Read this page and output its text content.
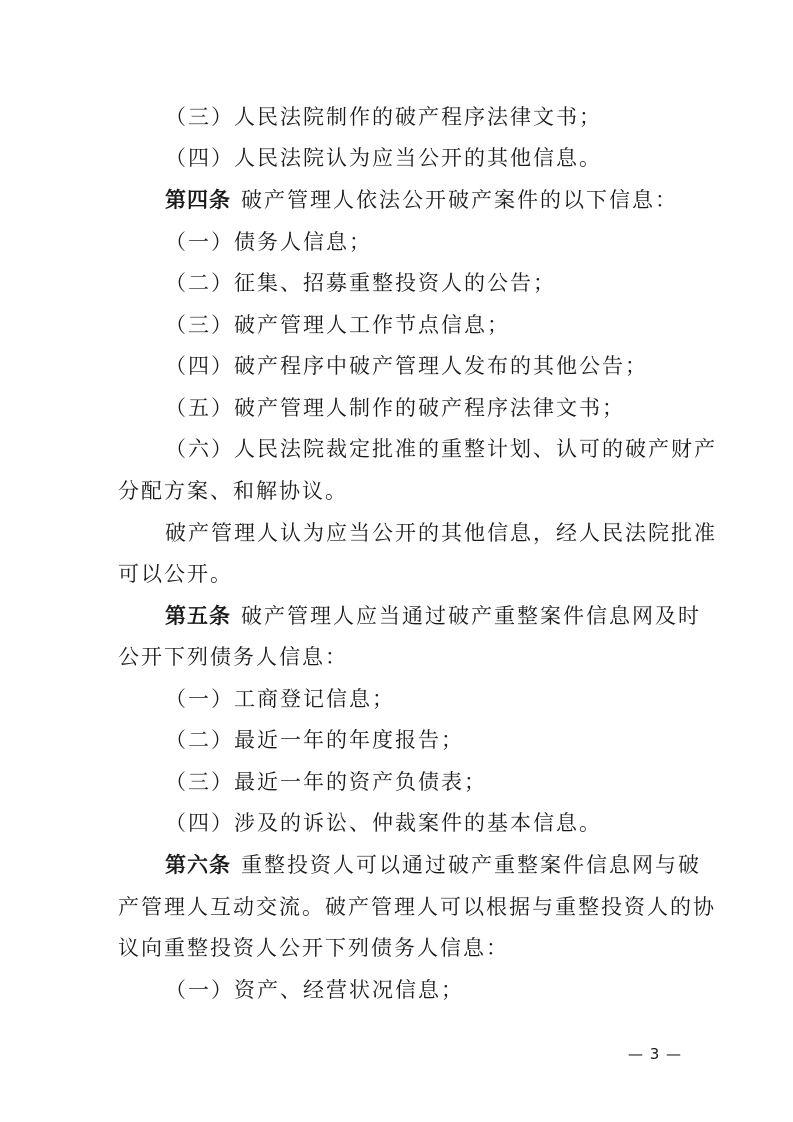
（三）人民法院制作的破产程序法律文书；

（四）人民法院认为应当公开的其他信息。

第四条 破产管理人依法公开破产案件的以下信息：

（一）债务人信息；

（二）征集、招募重整投资人的公告；

（三）破产管理人工作节点信息；

（四）破产程序中破产管理人发布的其他公告；

（五）破产管理人制作的破产程序法律文书；

（六）人民法院裁定批准的重整计划、认可的破产财产

分配方案、和解协议。

破产管理人认为应当公开的其他信息，经人民法院批准

可以公开。

第五条 破产管理人应当通过破产重整案件信息网及时

公开下列债务人信息：

（一）工商登记信息；

（二）最近一年的年度报告；

（三）最近一年的资产负债表；

（四）涉及的诉讼、仲裁案件的基本信息。

第六条 重整投资人可以通过破产重整案件信息网与破

产管理人互动交流。破产管理人可以根据与重整投资人的协

议向重整投资人公开下列债务人信息：

（一）资产、经营状况信息；

— 3 —
